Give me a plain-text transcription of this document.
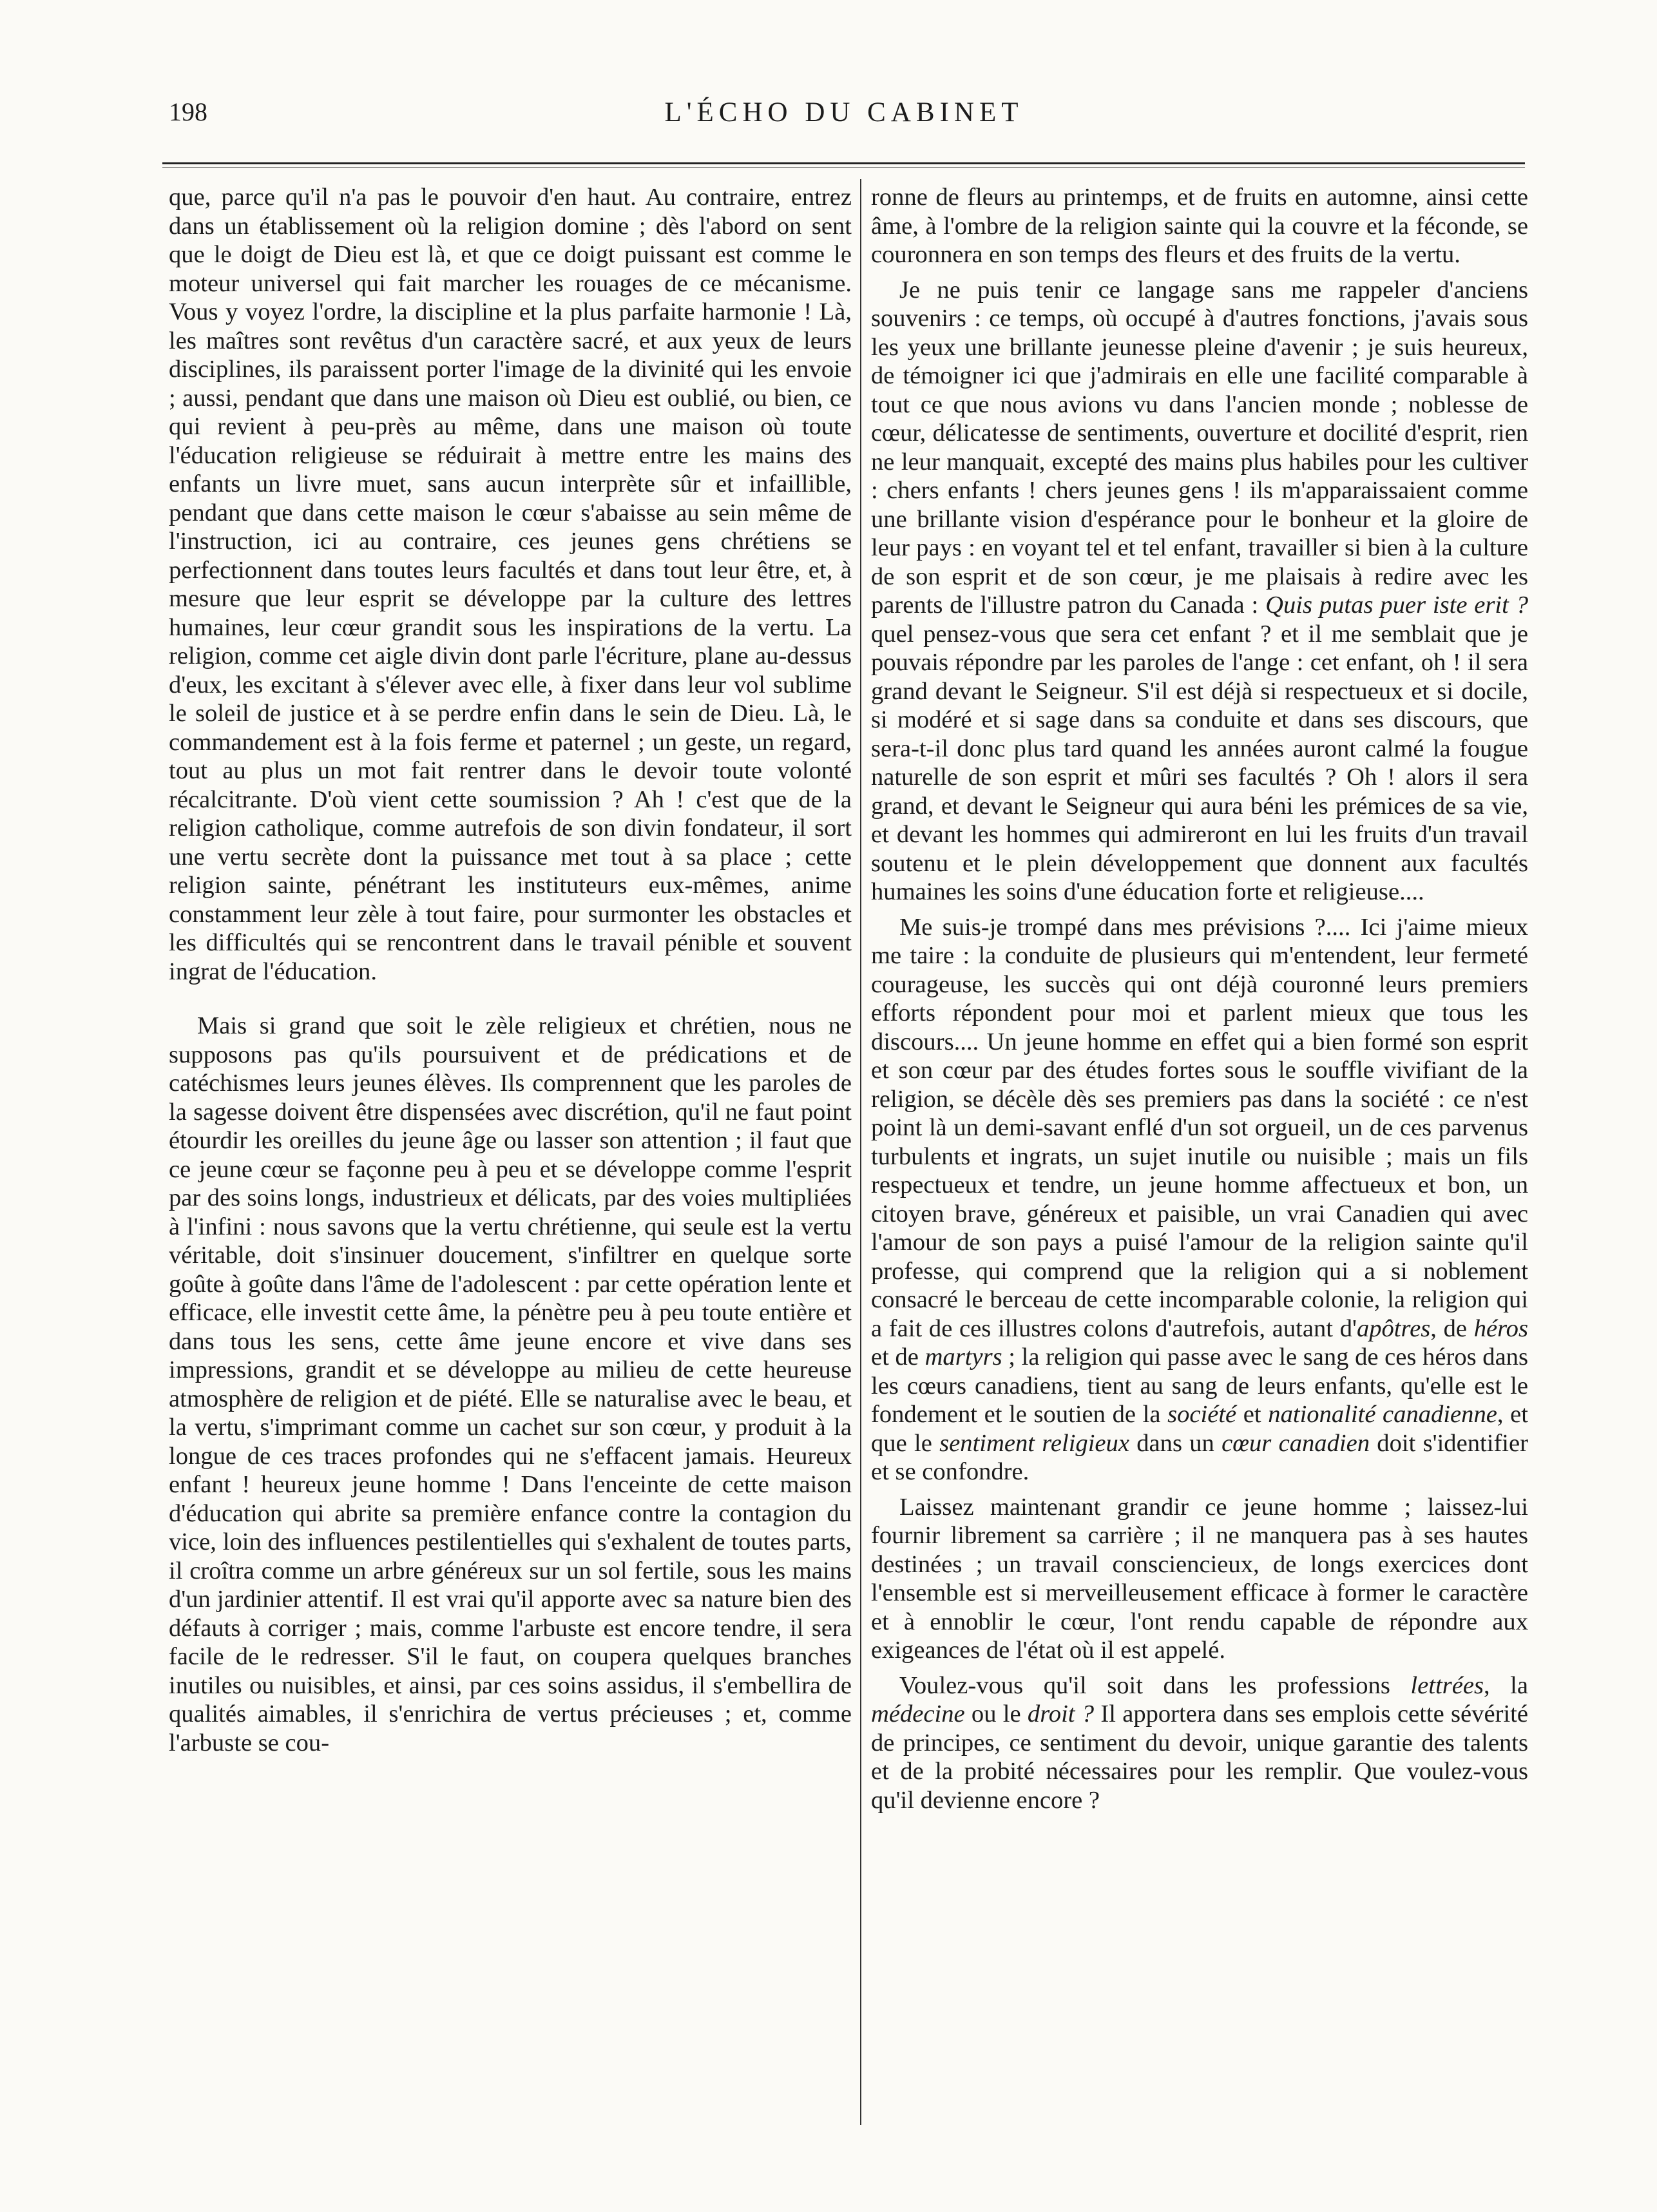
198	L'ÉCHO DU CABINET

que, parce qu'il n'a pas le pouvoir d'en haut. Au contraire, entrez dans un établissement où la religion domine ; dès l'abord on sent que le doigt de Dieu est là, et que ce doigt puissant est comme le moteur universel qui fait marcher les rouages de ce mécanisme. Vous y voyez l'ordre, la discipline et la plus parfaite harmonie ! Là, les maîtres sont revêtus d'un caractère sacré, et aux yeux de leurs disciplines, ils paraissent porter l'image de la divinité qui les envoie ; aussi, pendant que dans une maison où Dieu est oublié, ou bien, ce qui revient à peu-près au même, dans une maison où toute l'éducation religieuse se réduirait à mettre entre les mains des enfants un livre muet, sans aucun interprète sûr et infaillible, pendant que dans cette maison le cœur s'abaisse au sein même de l'instruction, ici au contraire, ces jeunes gens chrétiens se perfectionnent dans toutes leurs facultés et dans tout leur être, et, à mesure que leur esprit se développe par la culture des lettres humaines, leur cœur grandit sous les inspirations de la vertu. La religion, comme cet aigle divin dont parle l'écriture, plane au-dessus d'eux, les excitant à s'élever avec elle, à fixer dans leur vol sublime le soleil de justice et à se perdre enfin dans le sein de Dieu. Là, le commandement est à la fois ferme et paternel ; un geste, un regard, tout au plus un mot fait rentrer dans le devoir toute volonté récalcitrante. D'où vient cette soumission ? Ah ! c'est que de la religion catholique, comme autrefois de son divin fondateur, il sort une vertu secrète dont la puissance met tout à sa place ; cette religion sainte, pénétrant les instituteurs eux-mêmes, anime constamment leur zèle à tout faire, pour surmonter les obstacles et les difficultés qui se rencontrent dans le travail pénible et souvent ingrat de l'éducation.

Mais si grand que soit le zèle religieux et chrétien, nous ne supposons pas qu'ils poursuivent et de prédications et de catéchismes leurs jeunes élèves. Ils comprennent que les paroles de la sagesse doivent être dispensées avec discrétion, qu'il ne faut point étourdir les oreilles du jeune âge ou lasser son attention ; il faut que ce jeune cœur se façonne peu à peu et se développe comme l'esprit par des soins longs, industrieux et délicats, par des voies multipliées à l'infini : nous savons que la vertu chrétienne, qui seule est la vertu véritable, doit s'insinuer doucement, s'infiltrer en quelque sorte goûte à goûte dans l'âme de l'adolescent : par cette opération lente et efficace, elle investit cette âme, la pénètre peu à peu toute entière et dans tous les sens, cette âme jeune encore et vive dans ses impressions, grandit et se développe au milieu de cette heureuse atmosphère de religion et de piété. Elle se naturalise avec le beau, et la vertu, s'imprimant comme un cachet sur son cœur, y produit à la longue de ces traces profondes qui ne s'effacent jamais. Heureux enfant ! heureux jeune homme ! Dans l'enceinte de cette maison d'éducation qui abrite sa première enfance contre la contagion du vice, loin des influences pestilentielles qui s'exhalent de toutes parts, il croîtra comme un arbre généreux sur un sol fertile, sous les mains d'un jardinier attentif. Il est vrai qu'il apporte avec sa nature bien des défauts à corriger ; mais, comme l'arbuste est encore tendre, il sera facile de le redresser. S'il le faut, on coupera quelques branches inutiles ou nuisibles, et ainsi, par ces soins assidus, il s'embellira de qualités aimables, il s'enrichira de vertus précieuses ; et, comme l'arbuste se cou-

ronne de fleurs au printemps, et de fruits en automne, ainsi cette âme, à l'ombre de la religion sainte qui la couvre et la féconde, se couronnera en son temps des fleurs et des fruits de la vertu.

Je ne puis tenir ce langage sans me rappeler d'anciens souvenirs : ce temps, où occupé à d'autres fonctions, j'avais sous les yeux une brillante jeunesse pleine d'avenir ; je suis heureux, de témoigner ici que j'admirais en elle une facilité comparable à tout ce que nous avions vu dans l'ancien monde ; noblesse de cœur, délicatesse de sentiments, ouverture et docilité d'esprit, rien ne leur manquait, excepté des mains plus habiles pour les cultiver : chers enfants ! chers jeunes gens ! ils m'apparaissaient comme une brillante vision d'espérance pour le bonheur et la gloire de leur pays : en voyant tel et tel enfant, travailler si bien à la culture de son esprit et de son cœur, je me plaisais à redire avec les parents de l'illustre patron du Canada : Quis putas puer iste erit ? quel pensez-vous que sera cet enfant ? et il me semblait que je pouvais répondre par les paroles de l'ange : cet enfant, oh ! il sera grand devant le Seigneur. S'il est déjà si respectueux et si docile, si modéré et si sage dans sa conduite et dans ses discours, que sera-t-il donc plus tard quand les années auront calmé la fougue naturelle de son esprit et mûri ses facultés ? Oh ! alors il sera grand, et devant le Seigneur qui aura béni les prémices de sa vie, et devant les hommes qui admireront en lui les fruits d'un travail soutenu et le plein développement que donnent aux facultés humaines les soins d'une éducation forte et religieuse....

Me suis-je trompé dans mes prévisions ?.... Ici j'aime mieux me taire : la conduite de plusieurs qui m'entendent, leur fermeté courageuse, les succès qui ont déjà couronné leurs premiers efforts répondent pour moi et parlent mieux que tous les discours.... Un jeune homme en effet qui a bien formé son esprit et son cœur par des études fortes sous le souffle vivifiant de la religion, se décèle dès ses premiers pas dans la société : ce n'est point là un demi-savant enflé d'un sot orgueil, un de ces parvenus turbulents et ingrats, un sujet inutile ou nuisible ; mais un fils respectueux et tendre, un jeune homme affectueux et bon, un citoyen brave, généreux et paisible, un vrai Canadien qui avec l'amour de son pays a puisé l'amour de la religion sainte qu'il professe, qui comprend que la religion qui a si noblement consacré le berceau de cette incomparable colonie, la religion qui a fait de ces illustres colons d'autrefois, autant d'apôtres, de héros et de martyrs ; la religion qui passe avec le sang de ces héros dans les cœurs canadiens, tient au sang de leurs enfants, qu'elle est le fondement et le soutien de la société et nationalité canadienne, et que le sentiment religieux dans un cœur canadien doit s'identifier et se confondre.

Laissez maintenant grandir ce jeune homme ; laissez-lui fournir librement sa carrière ; il ne manquera pas à ses hautes destinées ; un travail consciencieux, de longs exercices dont l'ensemble est si merveilleusement efficace à former le caractère et à ennoblir le cœur, l'ont rendu capable de répondre aux exigeances de l'état où il est appelé.

Voulez-vous qu'il soit dans les professions lettrées, la médecine ou le droit ? Il apportera dans ses emplois cette sévérité de principes, ce sentiment du devoir, unique garantie des talents et de la probité nécessaires pour les remplir. Que voulez-vous qu'il devienne encore ?
